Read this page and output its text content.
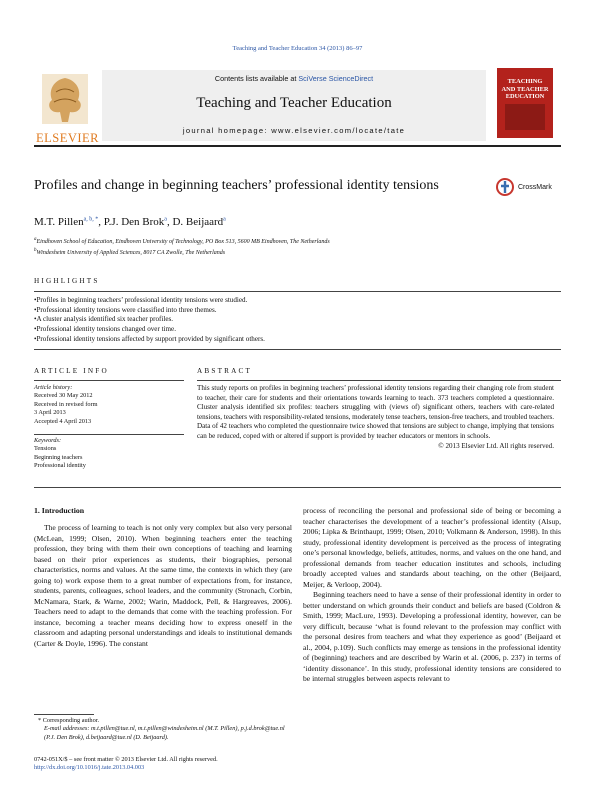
Teaching and Teacher Education 34 (2013) 86–97
ELSEVIER
Contents lists available at SciVerse ScienceDirect
Teaching and Teacher Education
journal homepage: www.elsevier.com/locate/tate
TEACHING
AND TEACHER
EDUCATION
Profiles and change in beginning teachers’ professional identity tensions	CrossMark
M.T. Pillen$^{a, b, *}$, P.J. Den Brok$^a$, D. Beijaard$^a$
$^a$Eindhoven School of Education, Eindhoven University of Technology, PO Box 513, 5600 MB Eindhoven, The Netherlands
$^b$Windesheim University of Applied Sciences, 8017 CA Zwolle, The Netherlands
HIGHLIGHTS
• Profiles in beginning teachers’ professional identity tensions were studied.
• Professional identity tensions were classified into three themes.
• A cluster analysis identified six teacher profiles.
• Professional identity tensions changed over time.
• Professional identity tensions affected by support provided by significant others.
ARTICLE INFO
Article history:
Received 30 May 2012
Received in revised form
3 April 2013
Accepted 4 April 2013
Keywords:
Tensions
Beginning teachers
Professional identity
ABSTRACT

This study reports on profiles in beginning teachers’ professional identity tensions regarding their changing role from student to teacher, their care for students and their orientations towards learning to teach. 373 teachers completed a questionnaire. Cluster analysis identified six profiles: teachers struggling with (views of) significant others, teachers with care-related tensions, teachers with responsibility-related tensions, moderately tense teachers, tension-free teachers, and troubled teachers. Data of 42 teachers who completed the questionnaire twice showed that tensions are subject to change, implying that tensions can be reduced, coped with or altered if support is provided by teacher educators or mentors in schools.

© 2013 Elsevier Ltd. All rights reserved.
1. Introduction

The process of learning to teach is not only very complex but also very personal (McLean, 1999; Olsen, 2010). When beginning teachers enter the teaching profession, they bring with them their own conceptions of teaching and learning based on their prior experiences as students, their biographies, personal characteristics, norms and values. At the same time, the contexts in which they (are going to) work expose them to a great number of expectations from, for instance, students, parents, colleagues, school leaders, and the community (Stronach, Corbin, McNamara, Stark, & Warne, 2002; Warin, Maddock, Pell, & Hargreaves, 2006). Teachers need to adapt to the demands that come with the teaching profession. For instance, becoming a teacher means deciding how to express oneself in the classroom and adapting personal understandings and ideals to institutional demands (Carter & Doyle, 1996). The constant

process of reconciling the personal and professional side of being or becoming a teacher characterises the development of a teacher’s professional identity (Alsup, 2006; Lipka & Brinthaupt, 1999; Olsen, 2010; Volkmann & Anderson, 1998). In this study, professional identity development is perceived as the process of integrating one’s personal knowledge, beliefs, attitudes, norms, and values on the one hand, and professional demands from teacher education institutes and schools, including broadly accepted values and standards about teaching, on the other (Beijaard, Meijer, & Verloop, 2004).

Beginning teachers need to have a sense of their professional identity in order to better understand on which grounds their conduct and beliefs are based (Coldron & Smith, 1999; MacLure, 1993). Developing a professional identity, however, can be very difficult, because ‘what is found relevant to the profession may conflict with the personal desires from teachers and what they experience as good’ (Beijaard et al., 2004, p.109). Such conflicts may emerge as tensions in the professional identity of (beginning) teachers and are described by Warin et al. (2006, p. 237) in terms of ‘identity dissonance’. In this study, professional identity tensions are considered to be internal struggles between aspects relevant to

* Corresponding author.
E-mail addresses: m.t.pillen@tue.nl, m.t.pillen@windesheim.nl (M.T. Pillen), p.j.d.brok@tue.nl (P.J. Den Brok), d.beijaard@tue.nl (D. Beijaard).
0742-051X/$ – see front matter © 2013 Elsevier Ltd. All rights reserved.
http://dx.doi.org/10.1016/j.tate.2013.04.003
